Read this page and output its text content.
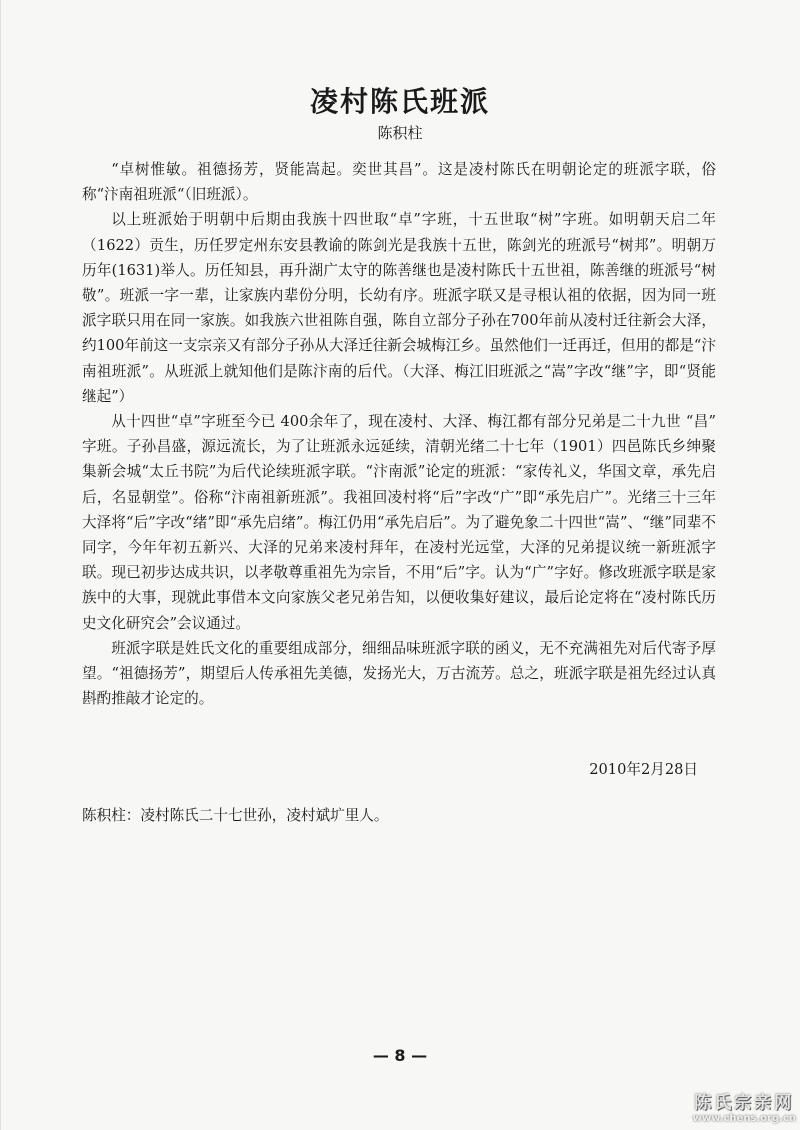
凌村陈氏班派
陈积柱

“卓树惟敏。祖德扬芳，贤能嵩起。奕世其昌”。这是凌村陈氏在明朝论定的班派字联，俗称“汴南祖班派“（旧班派）。

以上班派始于明朝中后期由我族十四世取“卓”字班，十五世取“树”字班。如明朝天启二年（1622）贡生，历任罗定州东安县教谕的陈剑光是我族十五世，陈剑光的班派号“树邦”。明朝万历年(1631)举人。历任知县，再升湖广太守的陈善继也是凌村陈氏十五世祖，陈善继的班派号“树敬”。班派一字一辈，让家族内辈份分明，长幼有序。班派字联又是寻根认祖的依据，因为同一班派字联只用在同一家族。如我族六世祖陈自强，陈自立部分子孙在700年前从凌村迁往新会大泽，约100年前这一支宗亲又有部分子孙从大泽迁往新会城梅江乡。虽然他们一迁再迁，但用的都是“汴南祖班派”。从班派上就知他们是陈汴南的后代。（大泽、梅江旧班派之“嵩”字改“继”字，即“贤能继起”）

从十四世“卓”字班至今已 400余年了，现在凌村、大泽、梅江都有部分兄弟是二十九世 “昌” 字班。子孙昌盛，源远流长，为了让班派永远延续，清朝光绪二十七年（1901）四邑陈氏乡绅聚集新会城“太丘书院”为后代论续班派字联。“汴南派”论定的班派：“家传礼义，华国文章，承先启后，名显朝堂”。俗称“汴南祖新班派”。我祖回凌村将“后”字改“广”即“承先启广”。光绪三十三年大泽将“后”字改“绪”即“承先启绪”。梅江仍用“承先启后”。为了避免象二十四世“嵩”、“继”同辈不同字，今年年初五新兴、大泽的兄弟来凌村拜年，在凌村光远堂，大泽的兄弟提议统一新班派字联。现已初步达成共识，以孝敬尊重祖先为宗旨，不用“后”字。认为“广”字好。修改班派字联是家族中的大事，现就此事借本文向家族父老兄弟告知，以便收集好建议，最后论定将在“凌村陈氏历史文化研究会”会议通过。

班派字联是姓氏文化的重要组成部分，细细品味班派字联的函义，无不充满祖先对后代寄予厚望。“祖德扬芳”，期望后人传承祖先美德，发扬光大，万古流芳。总之，班派字联是祖先经过认真斟酌推敲才论定的。

2010年2月28日
陈积柱：凌村陈氏二十七世孙，凌村斌圹里人。
— 8 —
陈氏宗亲网
www.chens.org.cn
